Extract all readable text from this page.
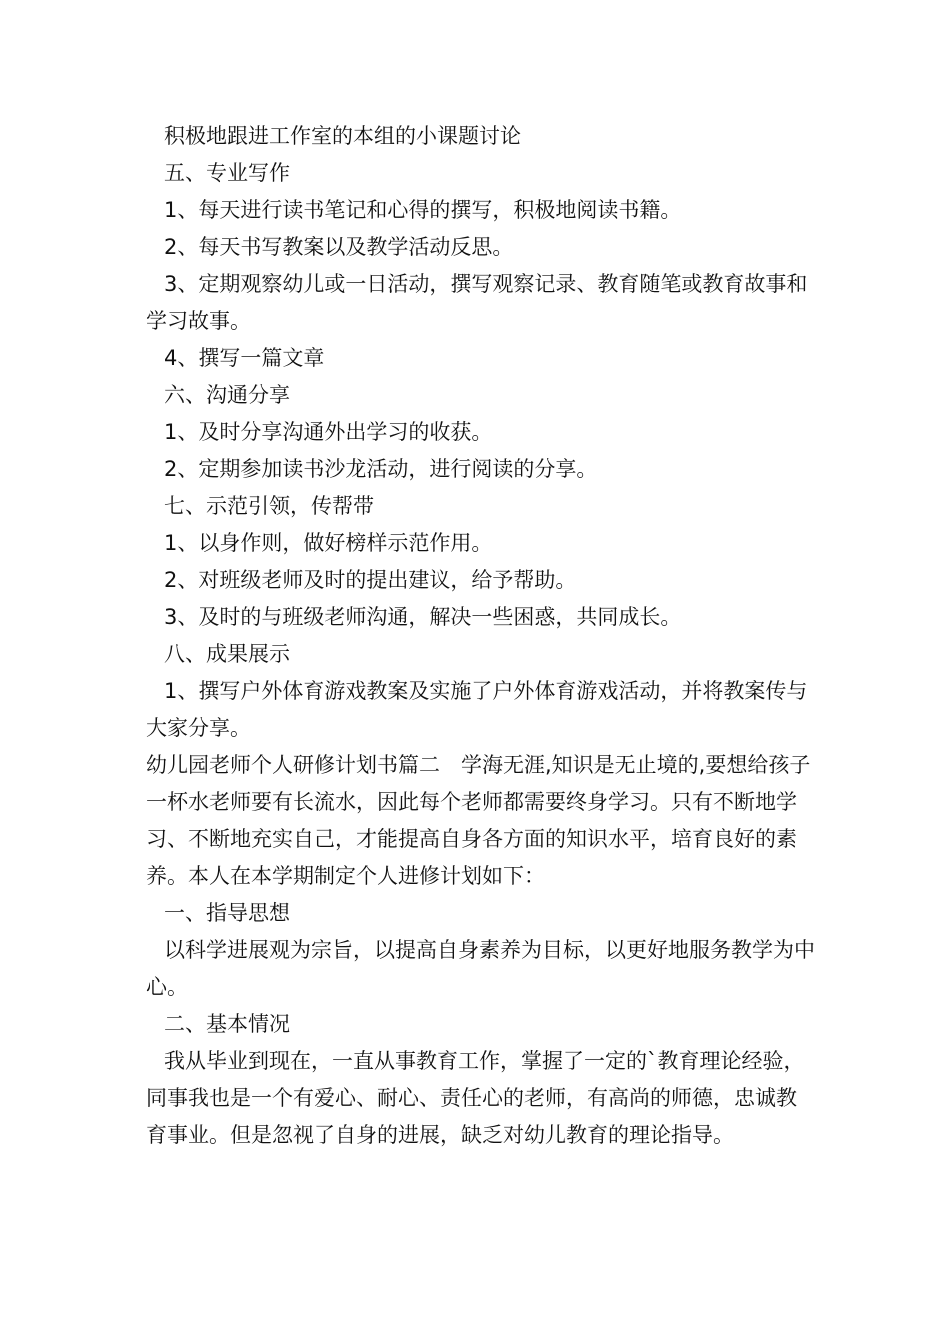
积极地跟进工作室的本组的小课题讨论

五、专业写作

1、每天进行读书笔记和心得的撰写，积极地阅读书籍。

2、每天书写教案以及教学活动反思。

3、定期观察幼儿或一日活动，撰写观察记录、教育随笔或教育故事和学习故事。

4、撰写一篇文章

六、沟通分享

1、及时分享沟通外出学习的收获。

2、定期参加读书沙龙活动，进行阅读的分享。

七、示范引领，传帮带

1、以身作则，做好榜样示范作用。

2、对班级老师及时的提出建议，给予帮助。

3、及时的与班级老师沟通，解决一些困惑，共同成长。

八、成果展示

1、撰写户外体育游戏教案及实施了户外体育游戏活动，并将教案传与大家分享。

幼儿园老师个人研修计划书篇二　学海无涯,知识是无止境的,要想给孩子一杯水老师要有长流水，因此每个老师都需要终身学习。只有不断地学习、不断地充实自己，才能提高自身各方面的知识水平，培育良好的素养。本人在本学期制定个人进修计划如下：

一、指导思想

以科学进展观为宗旨，以提高自身素养为目标，以更好地服务教学为中心。

二、基本情况

我从毕业到现在，一直从事教育工作，掌握了一定的`教育理论经验，同事我也是一个有爱心、耐心、责任心的老师，有高尚的师德，忠诚教育事业。但是忽视了自身的进展，缺乏对幼儿教育的理论指导。
